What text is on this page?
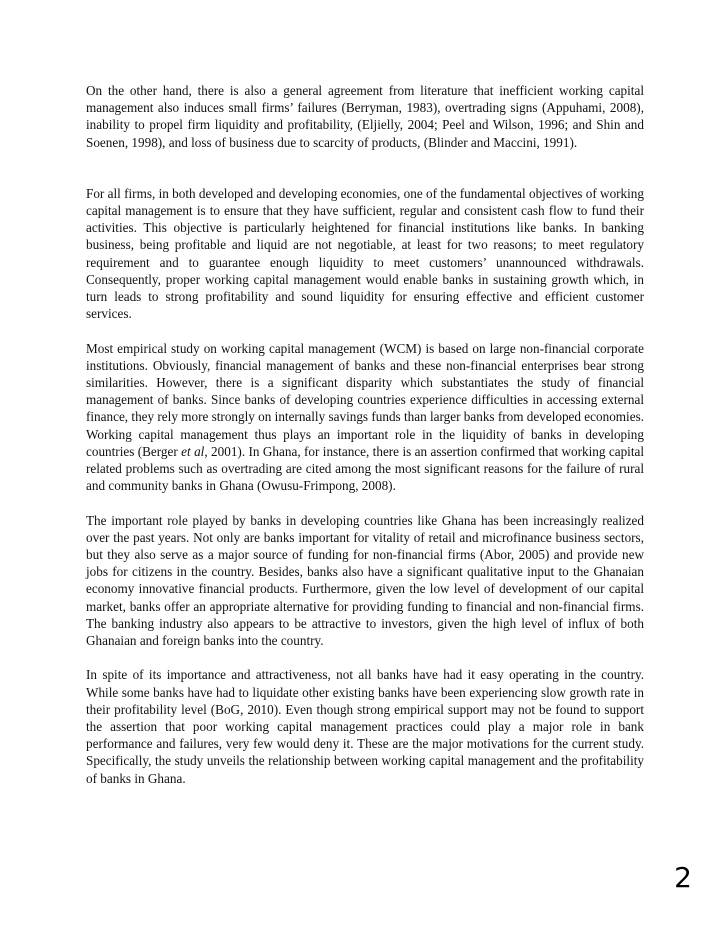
On the other hand, there is also a general agreement from literature that inefficient working capital management also induces small firms’ failures (Berryman, 1983), overtrading signs (Appuhami, 2008), inability to propel firm liquidity and profitability, (Eljielly, 2004; Peel and Wilson, 1996; and Shin and Soenen, 1998), and loss of business due to scarcity of products, (Blinder and Maccini, 1991).

For all firms, in both developed and developing economies, one of the fundamental objectives of working capital management is to ensure that they have sufficient, regular and consistent cash flow to fund their activities. This objective is particularly heightened for financial institutions like banks. In banking business, being profitable and liquid are not negotiable, at least for two reasons; to meet regulatory requirement and to guarantee enough liquidity to meet customers’ unannounced withdrawals. Consequently, proper working capital management would enable banks in sustaining growth which, in turn leads to strong profitability and sound liquidity for ensuring effective and efficient customer services.

Most empirical study on working capital management (WCM) is based on large non-financial corporate institutions. Obviously, financial management of banks and these non-financial enterprises bear strong similarities. However, there is a significant disparity which substantiates the study of financial management of banks. Since banks of developing countries experience difficulties in accessing external finance, they rely more strongly on internally savings funds than larger banks from developed economies. Working capital management thus plays an important role in the liquidity of banks in developing countries (Berger et al, 2001). In Ghana, for instance, there is an assertion confirmed that working capital related problems such as overtrading are cited among the most significant reasons for the failure of rural and community banks in Ghana (Owusu-Frimpong, 2008).

The important role played by banks in developing countries like Ghana has been increasingly realized over the past years. Not only are banks important for vitality of retail and microfinance business sectors, but they also serve as a major source of funding for non-financial firms (Abor, 2005) and provide new jobs for citizens in the country. Besides, banks also have a significant qualitative input to the Ghanaian economy innovative financial products. Furthermore, given the low level of development of our capital market, banks offer an appropriate alternative for providing funding to financial and non-financial firms. The banking industry also appears to be attractive to investors, given the high level of influx of both Ghanaian and foreign banks into the country.

In spite of its importance and attractiveness, not all banks have had it easy operating in the country. While some banks have had to liquidate other existing banks have been experiencing slow growth rate in their profitability level (BoG, 2010). Even though strong empirical support may not be found to support the assertion that poor working capital management practices could play a major role in bank performance and failures, very few would deny it. These are the major motivations for the current study. Specifically, the study unveils the relationship between working capital management and the profitability of banks in Ghana.

2
